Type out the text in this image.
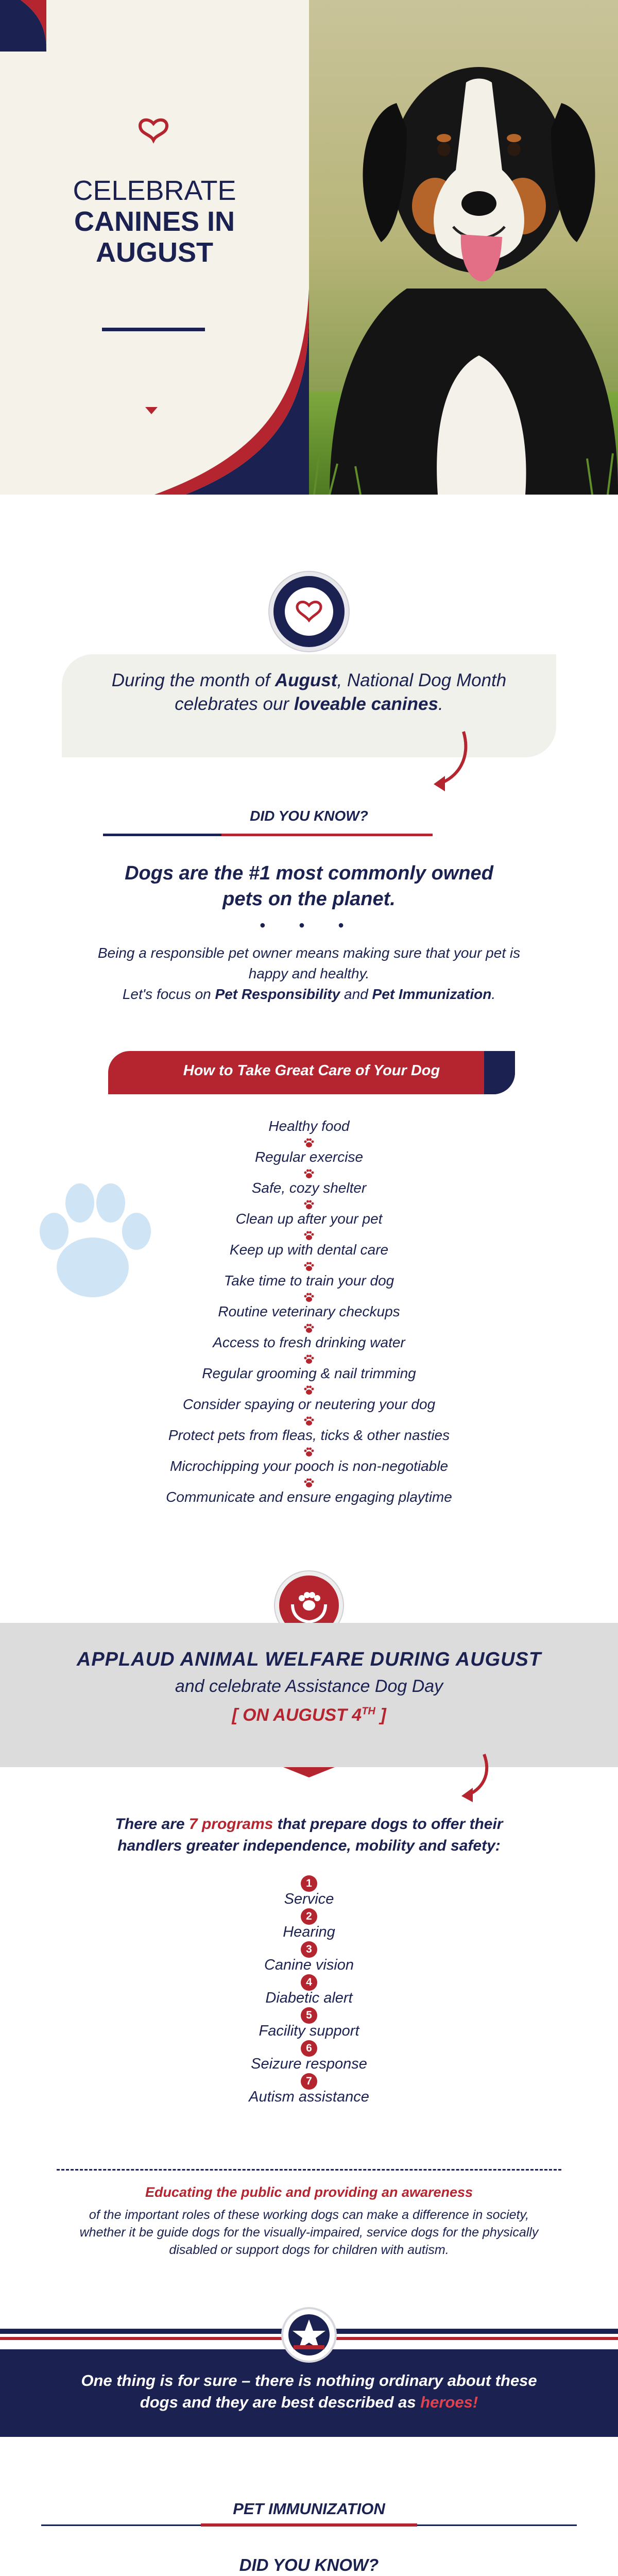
CELEBRATE
CANINES IN
AUGUST
During the month of August, National Dog Month celebrates our loveable canines.
DID YOU KNOW?
Dogs are the #1 most commonly owned pets on the planet.
• • •
Being a responsible pet owner means making sure that your pet is happy and healthy.
Let's focus on Pet Responsibility and Pet Immunization.
How to Take Great Care of Your Dog
Healthy food
Regular exercise
Safe, cozy shelter
Clean up after your pet
Keep up with dental care
Take time to train your dog
Routine veterinary checkups
Access to fresh drinking water
Regular grooming & nail trimming
Consider spaying or neutering your dog
Protect pets from fleas, ticks & other nasties
Microchipping your pooch is non-negotiable
Communicate and ensure engaging playtime
APPLAUD ANIMAL WELFARE DURING AUGUST
and celebrate Assistance Dog Day
[ ON AUGUST 4TH ]
There are 7 programs that prepare dogs to offer their handlers greater independence, mobility and safety:
1
Service
2
Hearing
3
Canine vision
4
Diabetic alert
5
Facility support
6
Seizure response
7
Autism assistance
Educating the public and providing an awareness
of the important roles of these working dogs can make a difference in society, whether it be guide dogs for the visually-impaired, service dogs for the physically disabled or support dogs for children with autism.
One thing is for sure – there is nothing ordinary about these dogs and they are best described as heroes!
PET IMMUNIZATION
DID YOU KNOW?
